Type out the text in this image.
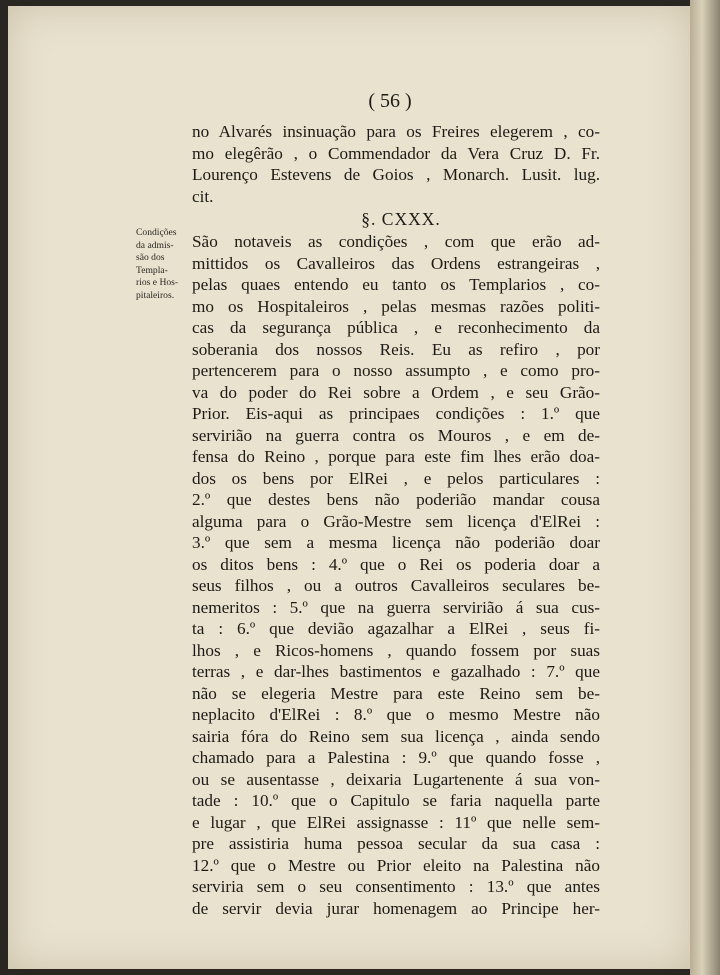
( 56 )

Condições
da admis-
são dos
Templa-
rios e Hos-
pitaleiros.
no Alvarés insinuação para os Freires elegerem , co-
mo elegêrão , o Commendador da Vera Cruz D. Fr.
Lourenço Estevens de Goios , Monarch. Lusit. lug.
cit.
§. CXXX.
São notaveis as condições , com que erão ad-
mittidos os Cavalleiros das Ordens estrangeiras ,
pelas quaes entendo eu tanto os Templarios , co-
mo os Hospitaleiros , pelas mesmas razões politi-
cas da segurança pública , e reconhecimento da
soberania dos nossos Reis. Eu as refiro , por
pertencerem para o nosso assumpto , e como pro-
va do poder do Rei sobre a Ordem , e seu Grão-
Prior. Eis-aqui as principaes condições : 1.º que
servirião na guerra contra os Mouros , e em de-
fensa do Reino , porque para este fim lhes erão doa-
dos os bens por ElRei , e pelos particulares :
2.º que destes bens não poderião mandar cousa
alguma para o Grão-Mestre sem licença d'ElRei :
3.º que sem a mesma licença não poderião doar
os ditos bens : 4.º que o Rei os poderia doar a
seus filhos , ou a outros Cavalleiros seculares be-
nemeritos : 5.º que na guerra servirião á sua cus-
ta : 6.º que devião agazalhar a ElRei , seus fi-
lhos , e Ricos-homens , quando fossem por suas
terras , e dar-lhes bastimentos e gazalhado : 7.º que
não se elegeria Mestre para este Reino sem be-
neplacito d'ElRei : 8.º que o mesmo Mestre não
sairia fóra do Reino sem sua licença , ainda sendo
chamado para a Palestina : 9.º que quando fosse ,
ou se ausentasse , deixaria Lugartenente á sua von-
tade : 10.º que o Capitulo se faria naquella parte
e lugar , que ElRei assignasse : 11º que nelle sem-
pre assistiria huma pessoa secular da sua casa :
12.º que o Mestre ou Prior eleito na Palestina não
serviria sem o seu consentimento : 13.º que antes
de servir devia jurar homenagem ao Principe her-
